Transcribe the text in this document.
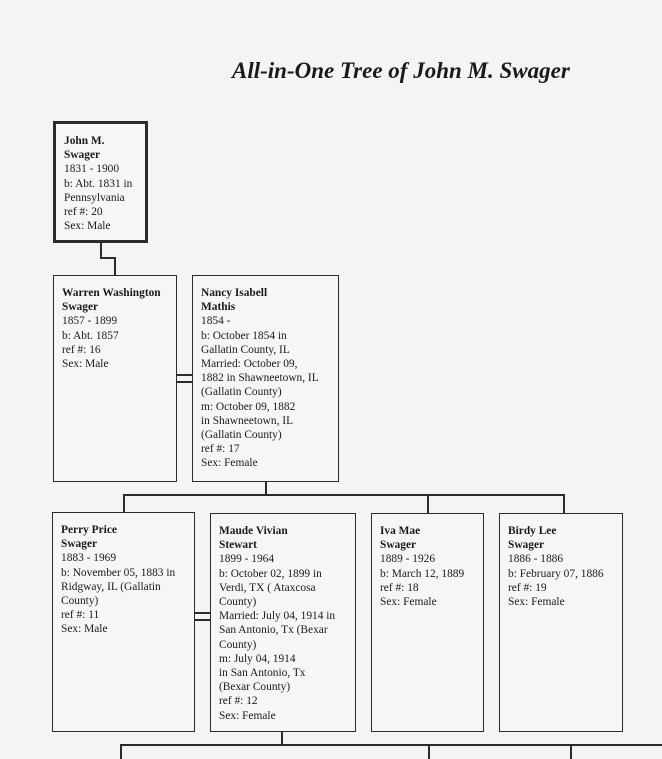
All-in-One Tree of John M. Swager
John M.
Swager
1831 - 1900
b: Abt. 1831 in
Pennsylvania
ref #: 20
Sex: Male
Warren Washington
Swager
1857 - 1899
b: Abt. 1857
ref #: 16
Sex: Male
Nancy Isabell
Mathis
1854 -
b: October 1854 in
Gallatin County, IL
Married: October 09,
1882 in Shawneetown, IL
(Gallatin County)
m: October 09, 1882
in Shawneetown, IL
(Gallatin County)
ref #: 17
Sex: Female
Perry Price
Swager
1883 - 1969
b: November 05, 1883 in
Ridgway, IL (Gallatin
County)
ref #: 11
Sex: Male
Maude Vivian
Stewart
1899 - 1964
b: October 02, 1899 in
Verdi, TX ( Ataxcosa
County)
Married: July 04, 1914 in
San Antonio, Tx (Bexar
County)
m: July 04, 1914
in San Antonio, Tx
(Bexar County)
ref #: 12
Sex: Female
Iva Mae
Swager
1889 - 1926
b: March 12, 1889
ref #: 18
Sex: Female
Birdy Lee
Swager
1886 - 1886
b: February 07, 1886
ref #: 19
Sex: Female
